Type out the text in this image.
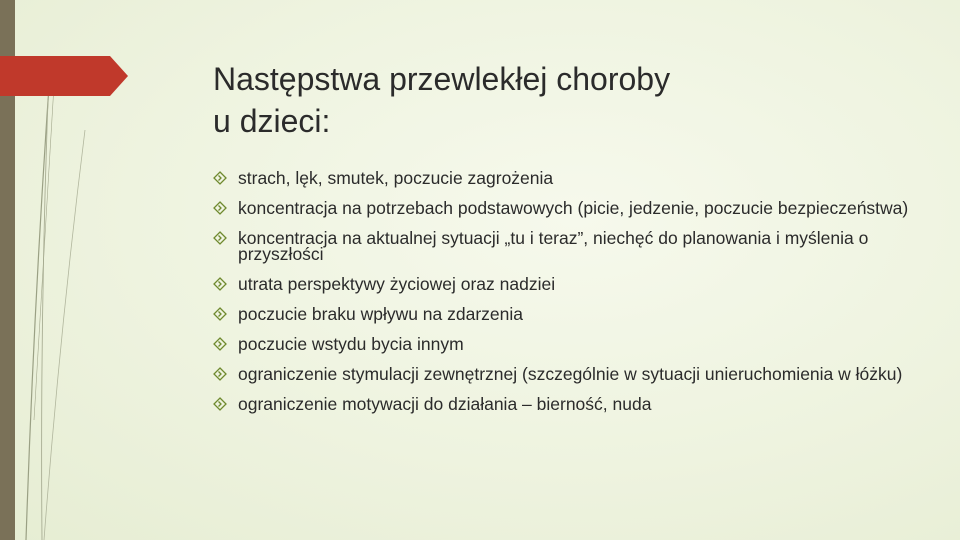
Następstwa przewlekłej choroby
u dzieci:
strach, lęk, smutek, poczucie zagrożenia
koncentracja na potrzebach podstawowych (picie, jedzenie, poczucie bezpieczeństwa)
koncentracja na aktualnej sytuacji „tu i teraz”, niechęć do planowania i myślenia o przyszłości
utrata perspektywy życiowej oraz nadziei
poczucie braku wpływu na zdarzenia
poczucie wstydu bycia innym
ograniczenie stymulacji zewnętrznej (szczególnie w sytuacji unieruchomienia w łóżku)
ograniczenie motywacji do działania – bierność, nuda
